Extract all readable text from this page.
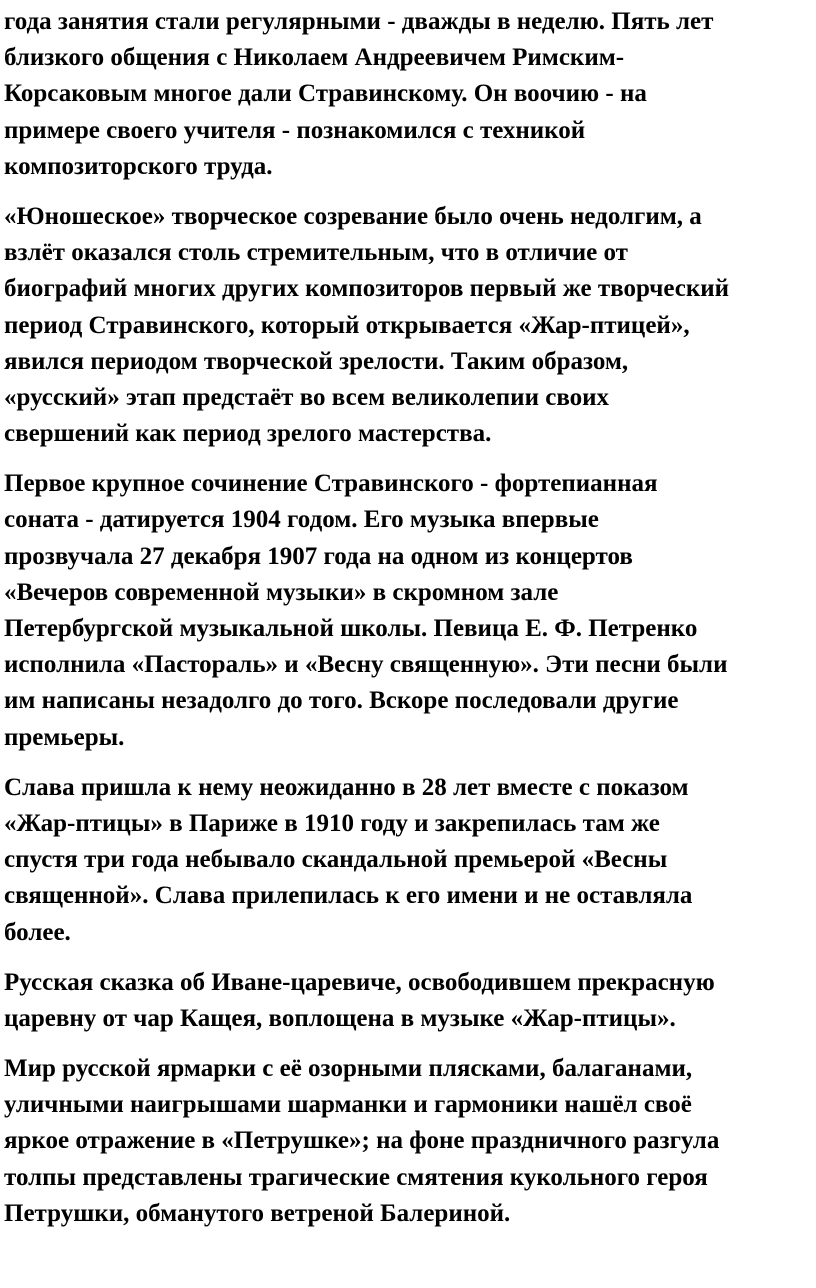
года занятия стали регулярными - дважды в неделю. Пять лет
близкого общения с Николаем Андреевичем Римским-
Корсаковым многое дали Стравинскому. Он воочию - на
примере своего учителя - познакомился с техникой
композиторского труда.
«Юношеское» творческое созревание было очень недолгим, а
взлёт оказался столь стремительным, что в отличие от
биографий многих других композиторов первый же творческий
период Стравинского, который открывается «Жар-птицей»,
явился периодом творческой зрелости. Таким образом,
«русский» этап предстаёт во всем великолепии своих
свершений как период зрелого мастерства.
Первое крупное сочинение Стравинского - фортепианная
соната - датируется 1904 годом. Его музыка впервые
прозвучала 27 декабря 1907 года на одном из концертов
«Вечеров современной музыки» в скромном зале
Петербургской музыкальной школы. Певица Е. Ф. Петренко
исполнила «Пастораль» и «Весну священную». Эти песни были
им написаны незадолго до того. Вскоре последовали другие
премьеры.
Слава пришла к нему неожиданно в 28 лет вместе с показом
«Жар-птицы» в Париже в 1910 году и закрепилась там же
спустя три года небывало скандальной премьерой «Весны
священной». Слава прилепилась к его имени и не оставляла
более.
Русская сказка об Иване-царевиче, освободившем прекрасную
царевну от чар Кащея, воплощена в музыке «Жар-птицы».
Мир русской ярмарки с её озорными плясками, балаганами,
уличными наигрышами шарманки и гармоники нашёл своё
яркое отражение в «Петрушке»; на фоне праздничного разгула
толпы представлены трагические смятения кукольного героя
Петрушки, обманутого ветреной Балериной.
